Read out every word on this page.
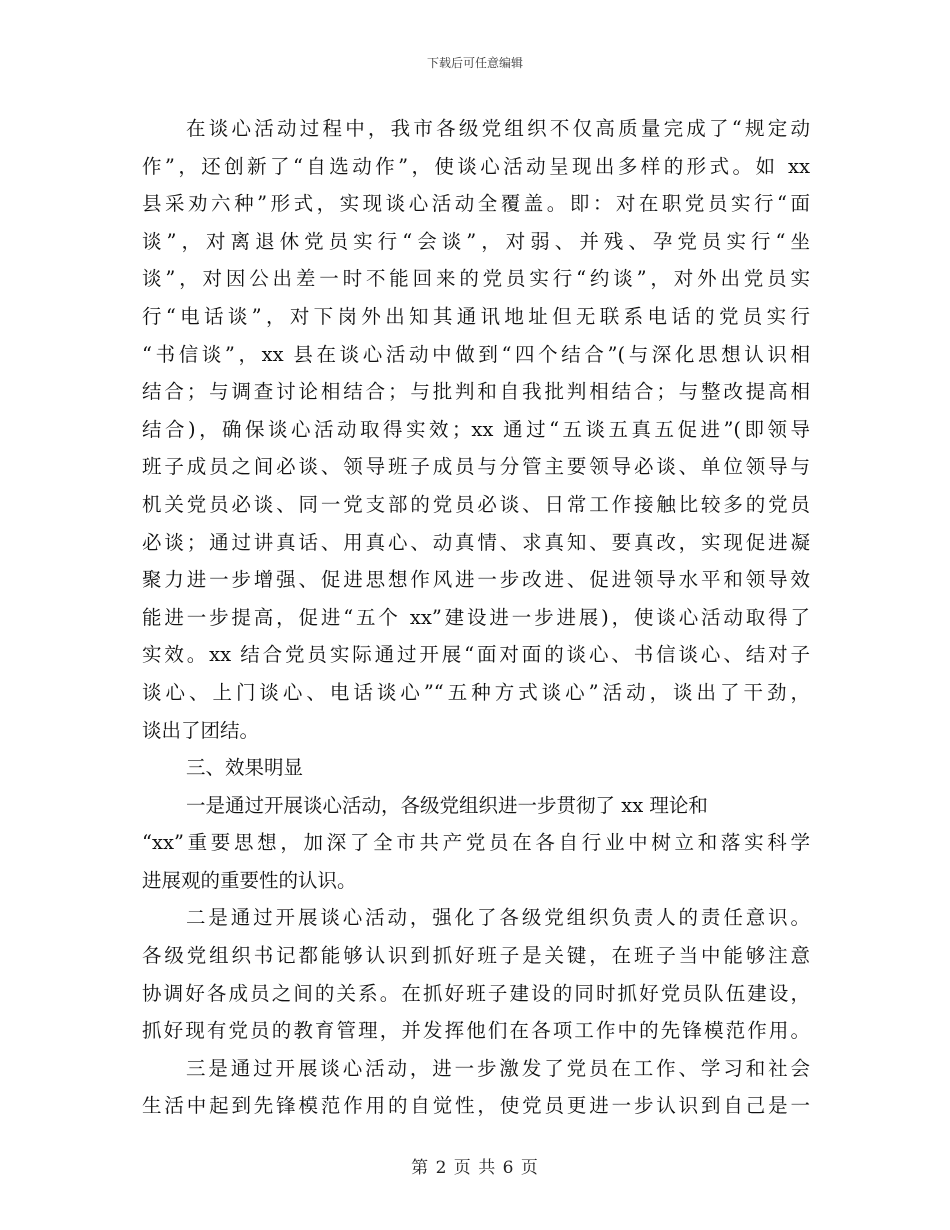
下载后可任意编辑
在谈心活动过程中，我市各级党组织不仅高质量完成了“规定动
作”，还创新了“自选动作”，使谈心活动呈现出多样的形式。如 xx
县采劝六种”形式，实现谈心活动全覆盖。即：对在职党员实行“面
谈”，对离退休党员实行“会谈”，对弱、并残、孕党员实行“坐
谈”，对因公出差一时不能回来的党员实行“约谈”，对外出党员实
行“电话谈”，对下岗外出知其通讯地址但无联系电话的党员实行
“书信谈”，xx 县在谈心活动中做到“四个结合”(与深化思想认识相
结合；与调查讨论相结合；与批判和自我批判相结合；与整改提高相
结合)，确保谈心活动取得实效；xx 通过“五谈五真五促进”(即领导
班子成员之间必谈、领导班子成员与分管主要领导必谈、单位领导与
机关党员必谈、同一党支部的党员必谈、日常工作接触比较多的党员
必谈；通过讲真话、用真心、动真情、求真知、要真改，实现促进凝
聚力进一步增强、促进思想作风进一步改进、促进领导水平和领导效
能进一步提高，促进“五个 xx”建设进一步进展)，使谈心活动取得了
实效。xx 结合党员实际通过开展“面对面的谈心、书信谈心、结对子
谈心、上门谈心、电话谈心”“五种方式谈心”活动，谈出了干劲，
谈出了团结。
三、效果明显
一是通过开展谈心活动，各级党组织进一步贯彻了 xx 理论和
“xx”重要思想，加深了全市共产党员在各自行业中树立和落实科学
进展观的重要性的认识。
二是通过开展谈心活动，强化了各级党组织负责人的责任意识。
各级党组织书记都能够认识到抓好班子是关键，在班子当中能够注意
协调好各成员之间的关系。在抓好班子建设的同时抓好党员队伍建设，
抓好现有党员的教育管理，并发挥他们在各项工作中的先锋模范作用。
三是通过开展谈心活动，进一步激发了党员在工作、学习和社会
生活中起到先锋模范作用的自觉性，使党员更进一步认识到自己是一
第 2 页 共 6 页
